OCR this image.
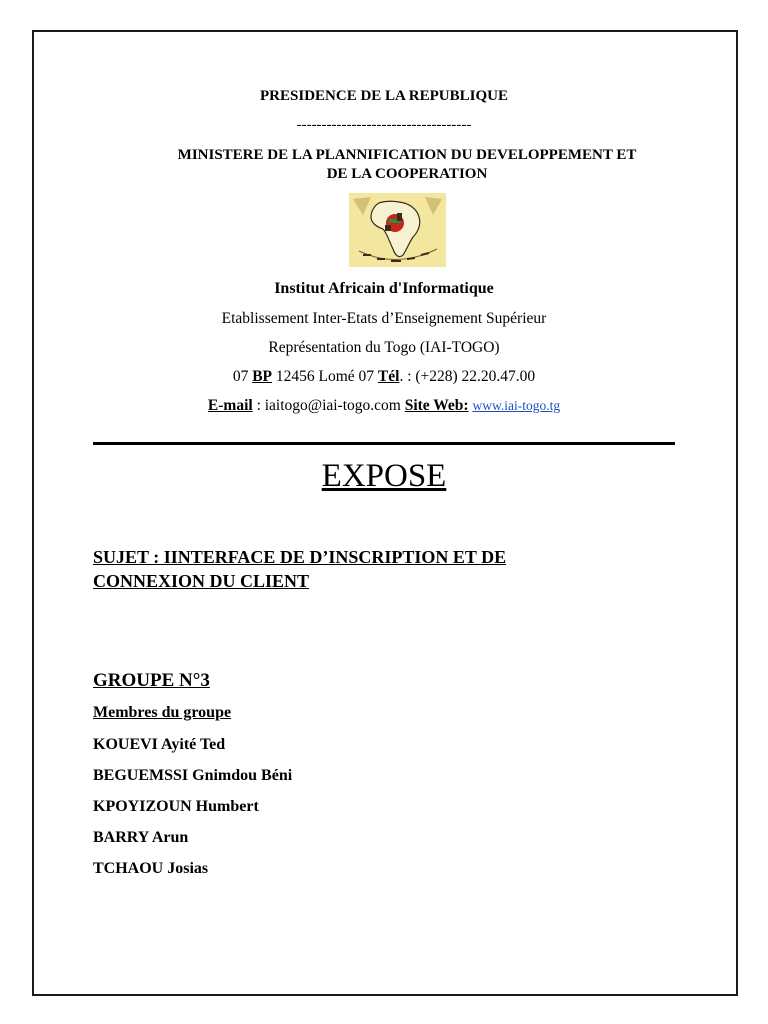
PRESIDENCE DE LA REPUBLIQUE
-----------------------------------
MINISTERE DE LA PLANNIFICATION DU DEVELOPPEMENT ET
DE LA COOPERATION
Institut Africain d'Informatique
Etablissement Inter-Etats d’Enseignement Supérieur
Représentation du Togo (IAI-TOGO)
07 BP 12456 Lomé 07 Tél. : (+228) 22.20.47.00
E-mail : iaitogo@iai-togo.com Site Web: www.iai-togo.tg
EXPOSE
SUJET : IINTERFACE DE D’INSCRIPTION ET DE
CONNEXION DU CLIENT
GROUPE N°3
Membres du groupe
KOUEVI Ayité Ted
BEGUEMSSI Gnimdou Béni
KPOYIZOUN Humbert
BARRY Arun
TCHAOU Josias
